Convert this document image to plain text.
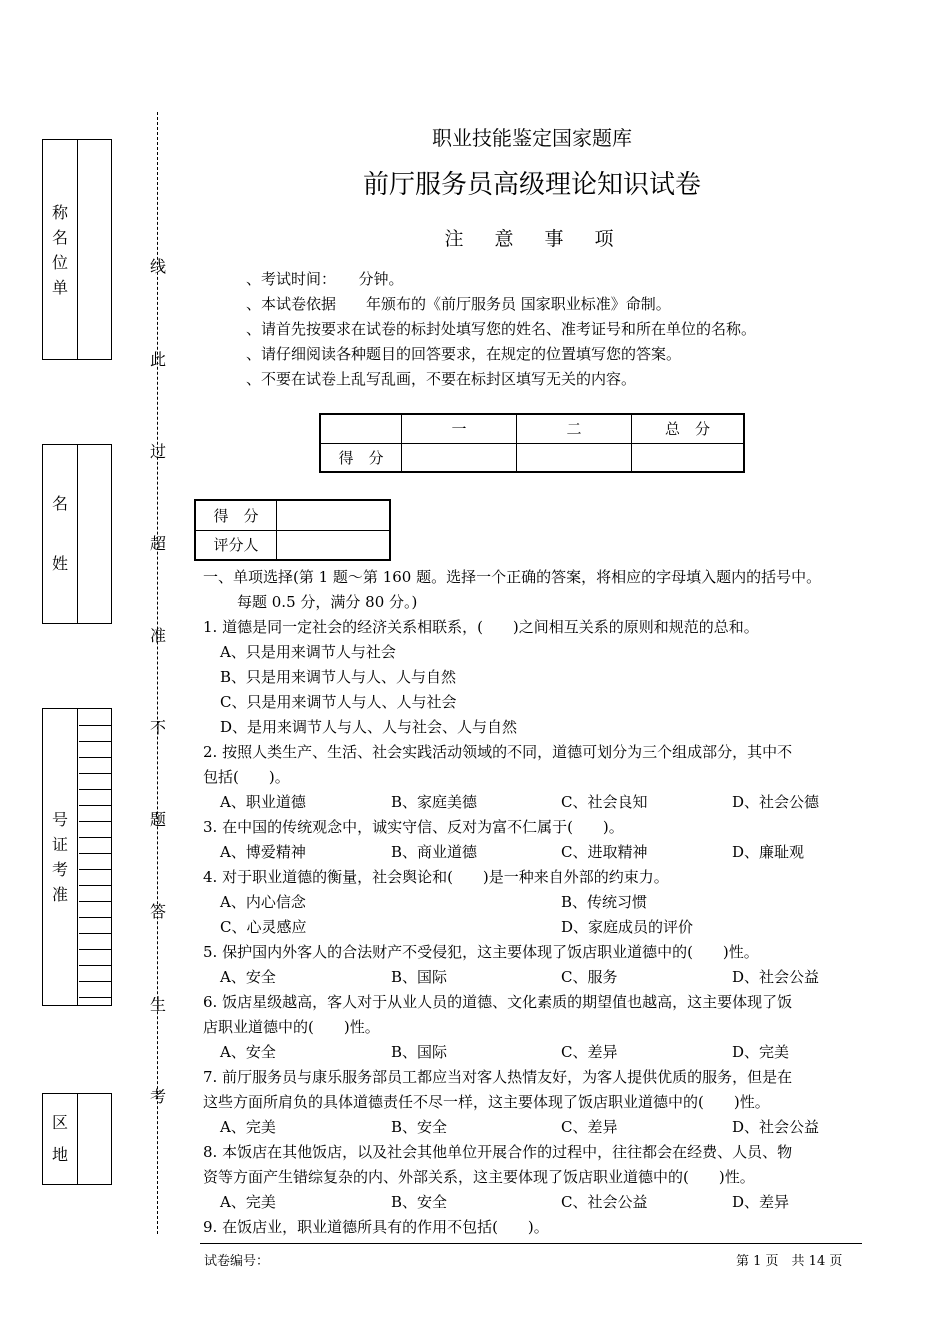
称
名
位
单
名
姓
号
证
考
准
区
地
线
此
过
超
准
不
题
答
生
考
职业技能鉴定国家题库
前厅服务员高级理论知识试卷
注　意　事　项
、考试时间：　　分钟。
、本试卷依据　　年颁布的《前厅服务员 国家职业标准》命制。
、请首先按要求在试卷的标封处填写您的姓名、准考证号和所在单位的名称。
、请仔细阅读各种题目的回答要求，在规定的位置填写您的答案。
、不要在试卷上乱写乱画，不要在标封区填写无关的内容。
	一	二	总　分
得　分			
得　分	
评分人	
一、单项选择(第 1 题～第 160 题。选择一个正确的答案，将相应的字母填入题内的括号中。
每题 0.5 分，满分 80 分。)
1. 道德是同一定社会的经济关系相联系，(　　)之间相互关系的原则和规范的总和。
A、只是用来调节人与社会
B、只是用来调节人与人、人与自然
C、只是用来调节人与人、人与社会
D、是用来调节人与人、人与社会、人与自然
2. 按照人类生产、生活、社会实践活动领域的不同，道德可划分为三个组成部分，其中不
包括(　　)。
A、职业道德	B、家庭美德	C、社会良知	D、社会公德
3. 在中国的传统观念中，诚实守信、反对为富不仁属于(　　)。
A、博爱精神	B、商业道德	C、进取精神	D、廉耻观
4. 对于职业道德的衡量，社会舆论和(　　)是一种来自外部的约束力。
A、内心信念	B、传统习惯
C、心灵感应	D、家庭成员的评价
5. 保护国内外客人的合法财产不受侵犯，这主要体现了饭店职业道德中的(　　)性。
A、安全	B、国际	C、服务	D、社会公益
6. 饭店星级越高，客人对于从业人员的道德、文化素质的期望值也越高，这主要体现了饭
店职业道德中的(　　)性。
A、安全	B、国际	C、差异	D、完美
7. 前厅服务员与康乐服务部员工都应当对客人热情友好，为客人提供优质的服务，但是在
这些方面所肩负的具体道德责任不尽一样，这主要体现了饭店职业道德中的(　　)性。
A、完美	B、安全	C、差异	D、社会公益
8. 本饭店在其他饭店，以及社会其他单位开展合作的过程中，往往都会在经费、人员、物
资等方面产生错综复杂的内、外部关系，这主要体现了饭店职业道德中的(　　)性。
A、完美	B、安全	C、社会公益	D、差异
9. 在饭店业，职业道德所具有的作用不包括(　　)。
试卷编号：	第 1 页　共 14 页
